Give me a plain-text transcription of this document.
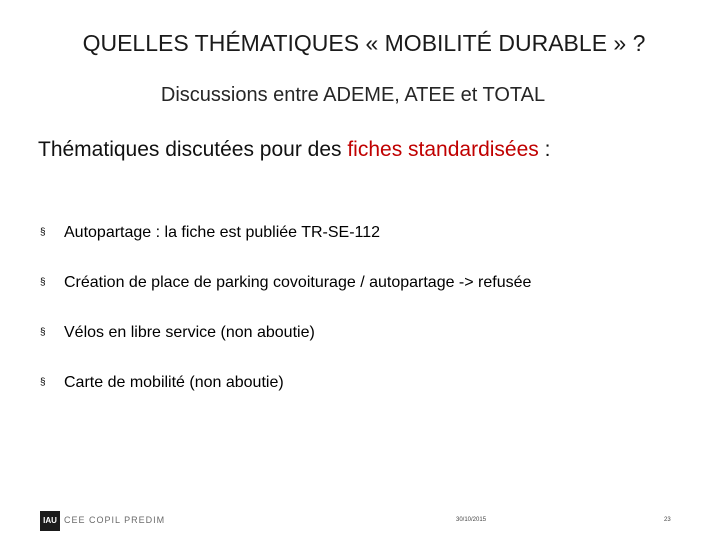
QUELLES THÉMATIQUES « MOBILITÉ DURABLE » ?
Discussions entre ADEME, ATEE et TOTAL
Thématiques discutées pour des fiches standardisées :
§	Autopartage : la fiche est publiée TR-SE-112
§	Création de place de parking covoiturage / autopartage -> refusée
§	Vélos en libre service (non aboutie)
§	Carte de mobilité (non aboutie)
IAU CEE COPIL PREDIM	30/10/2015	23
